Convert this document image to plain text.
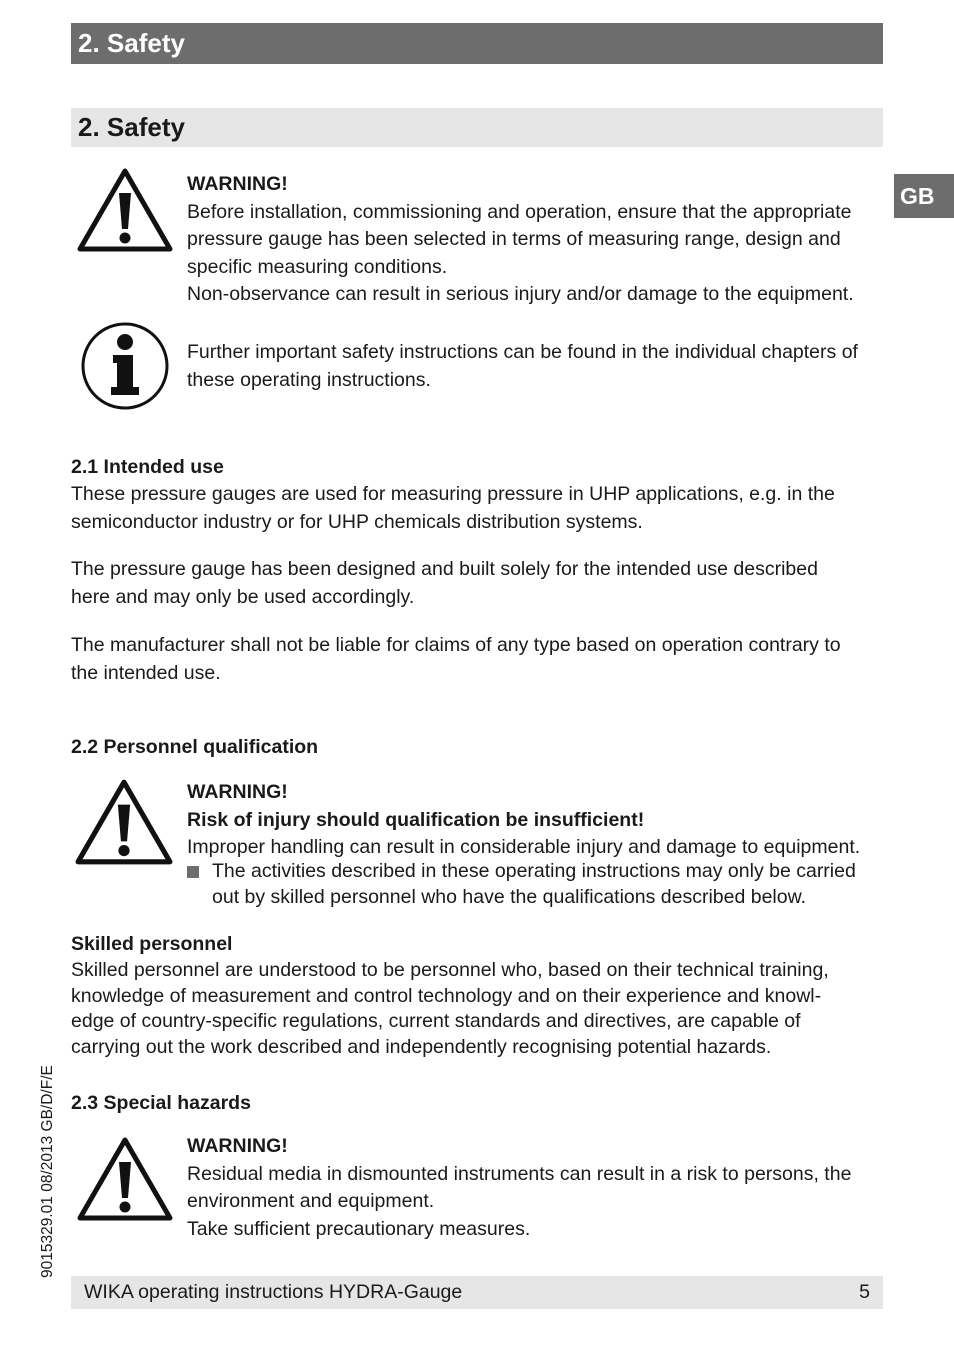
2. Safety
2. Safety
GB
WARNING!
Before installation, commissioning and operation, ensure that the appropriate
pressure gauge has been selected in terms of measuring range, design and
specific measuring conditions.
Non-observance can result in serious injury and/or damage to the equipment.
Further important safety instructions can be found in the individual chapters of
these operating instructions.
2.1 Intended use
These pressure gauges are used for measuring pressure in UHP applications, e.g. in the
semiconductor industry or for UHP chemicals distribution systems.
The pressure gauge has been designed and built solely for the intended use described
here and may only be used accordingly.
The manufacturer shall not be liable for claims of any type based on operation contrary to
the intended use.
2.2 Personnel qualification
WARNING!
Risk of injury should qualification be insufficient!
Improper handling can result in considerable injury and damage to equipment.
The activities described in these operating instructions may only be carried
out by skilled personnel who have the qualifications described below.
Skilled personnel
Skilled personnel are understood to be personnel who, based on their technical training,
knowledge of measurement and control technology and on their experience and knowl-
edge of country-specific regulations, current standards and directives, are capable of
carrying out the work described and independently recognising potential hazards.
2.3 Special hazards
WARNING!
Residual media in dismounted instruments can result in a risk to persons, the
environment and equipment.
Take sufficient precautionary measures.
9015329.01 08/2013 GB/D/F/E
WIKA operating instructions HYDRA-Gauge	5
